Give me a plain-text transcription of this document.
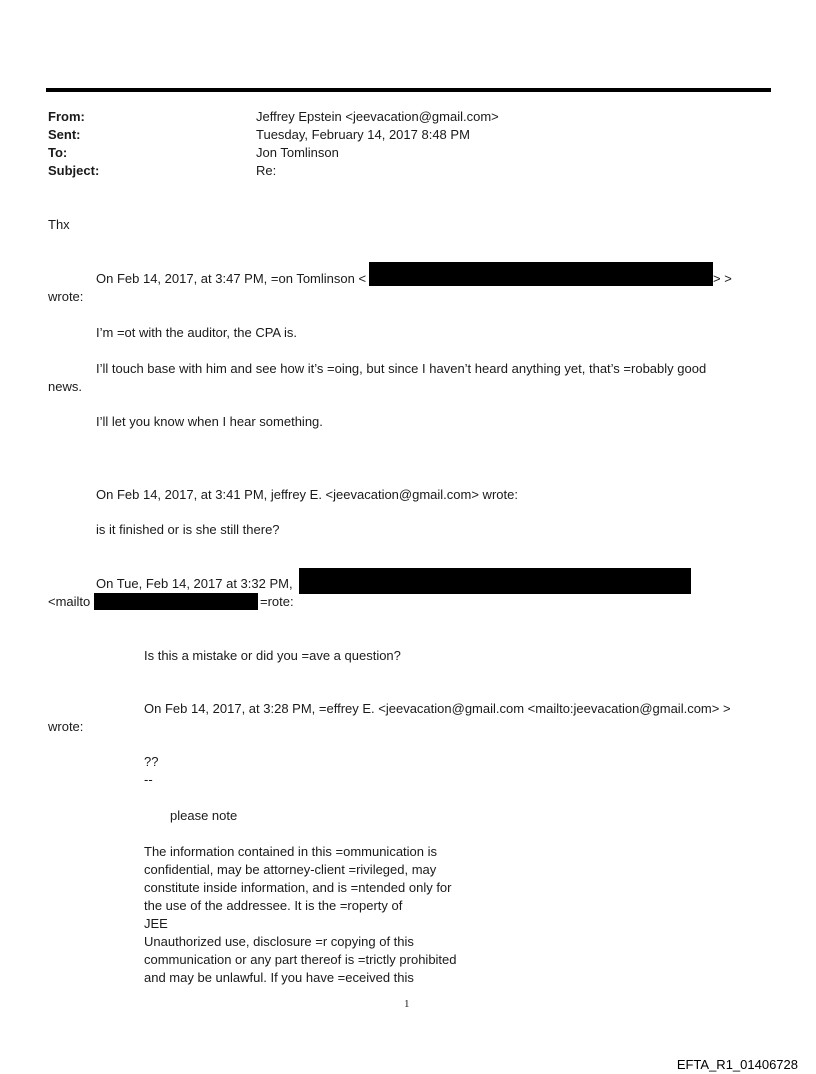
From:	Jeffrey Epstein <jeevacation@gmail.com>
Sent:	Tuesday, February 14, 2017 8:48 PM
To:	Jon Tomlinson
Subject:	Re:
Thx
On Feb 14, 2017, at 3:47 PM, =on Tomlinson <	> >
wrote:
I’m =ot with the auditor, the CPA is.
I’ll touch base with him and see how it’s =oing, but since I haven’t heard anything yet, that’s =robably good
news.
I’ll let you know when I hear something.
On Feb 14, 2017, at 3:41 PM, jeffrey E. <jeevacation@gmail.com> wrote:
is it finished or is she still there?
On Tue, Feb 14, 2017 at 3:32 PM,
<mailto	=rote:
Is this a mistake or did you =ave a question?
On Feb 14, 2017, at 3:28 PM, =effrey E. <jeevacation@gmail.com <mailto:jeevacation@gmail.com> >
wrote:
??
--
please note
The information contained in this =ommunication is
confidential, may be attorney-client =rivileged, may
constitute inside information, and is =ntended only for
the use of the addressee. It is the =roperty of
JEE
Unauthorized use, disclosure =r copying of this
communication or any part thereof is =trictly prohibited
and may be unlawful. If you have =eceived this
1
EFTA_R1_01406728
